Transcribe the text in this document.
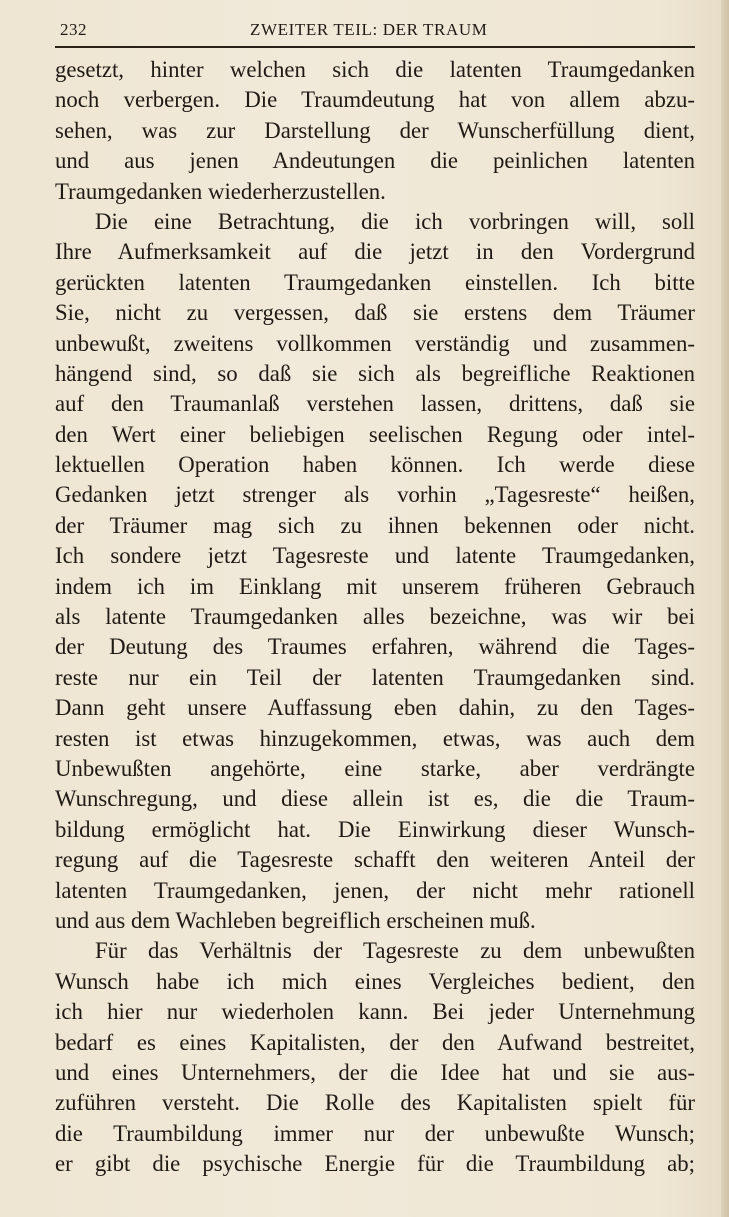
232	ZWEITER TEIL: DER TRAUM
gesetzt, hinter welchen sich die latenten Traumgedanken
noch verbergen. Die Traumdeutung hat von allem abzu-
sehen, was zur Darstellung der Wunscherfüllung dient,
und aus jenen Andeutungen die peinlichen latenten
Traumgedanken wiederherzustellen.
Die eine Betrachtung, die ich vorbringen will, soll
Ihre Aufmerksamkeit auf die jetzt in den Vordergrund
gerückten latenten Traumgedanken einstellen. Ich bitte
Sie, nicht zu vergessen, daß sie erstens dem Träumer
unbewußt, zweitens vollkommen verständig und zusammen-
hängend sind, so daß sie sich als begreifliche Reaktionen
auf den Traumanlaß verstehen lassen, drittens, daß sie
den Wert einer beliebigen seelischen Regung oder intel-
lektuellen Operation haben können. Ich werde diese
Gedanken jetzt strenger als vorhin „Tagesreste“ heißen,
der Träumer mag sich zu ihnen bekennen oder nicht.
Ich sondere jetzt Tagesreste und latente Traumgedanken,
indem ich im Einklang mit unserem früheren Gebrauch
als latente Traumgedanken alles bezeichne, was wir bei
der Deutung des Traumes erfahren, während die Tages-
reste nur ein Teil der latenten Traumgedanken sind.
Dann geht unsere Auffassung eben dahin, zu den Tages-
resten ist etwas hinzugekommen, etwas, was auch dem
Unbewußten angehörte, eine starke, aber verdrängte
Wunschregung, und diese allein ist es, die die Traum-
bildung ermöglicht hat. Die Einwirkung dieser Wunsch-
regung auf die Tagesreste schafft den weiteren Anteil der
latenten Traumgedanken, jenen, der nicht mehr rationell
und aus dem Wachleben begreiflich erscheinen muß.
Für das Verhältnis der Tagesreste zu dem unbewußten
Wunsch habe ich mich eines Vergleiches bedient, den
ich hier nur wiederholen kann. Bei jeder Unternehmung
bedarf es eines Kapitalisten, der den Aufwand bestreitet,
und eines Unternehmers, der die Idee hat und sie aus-
zuführen versteht. Die Rolle des Kapitalisten spielt für
die Traumbildung immer nur der unbewußte Wunsch;
er gibt die psychische Energie für die Traumbildung ab;
